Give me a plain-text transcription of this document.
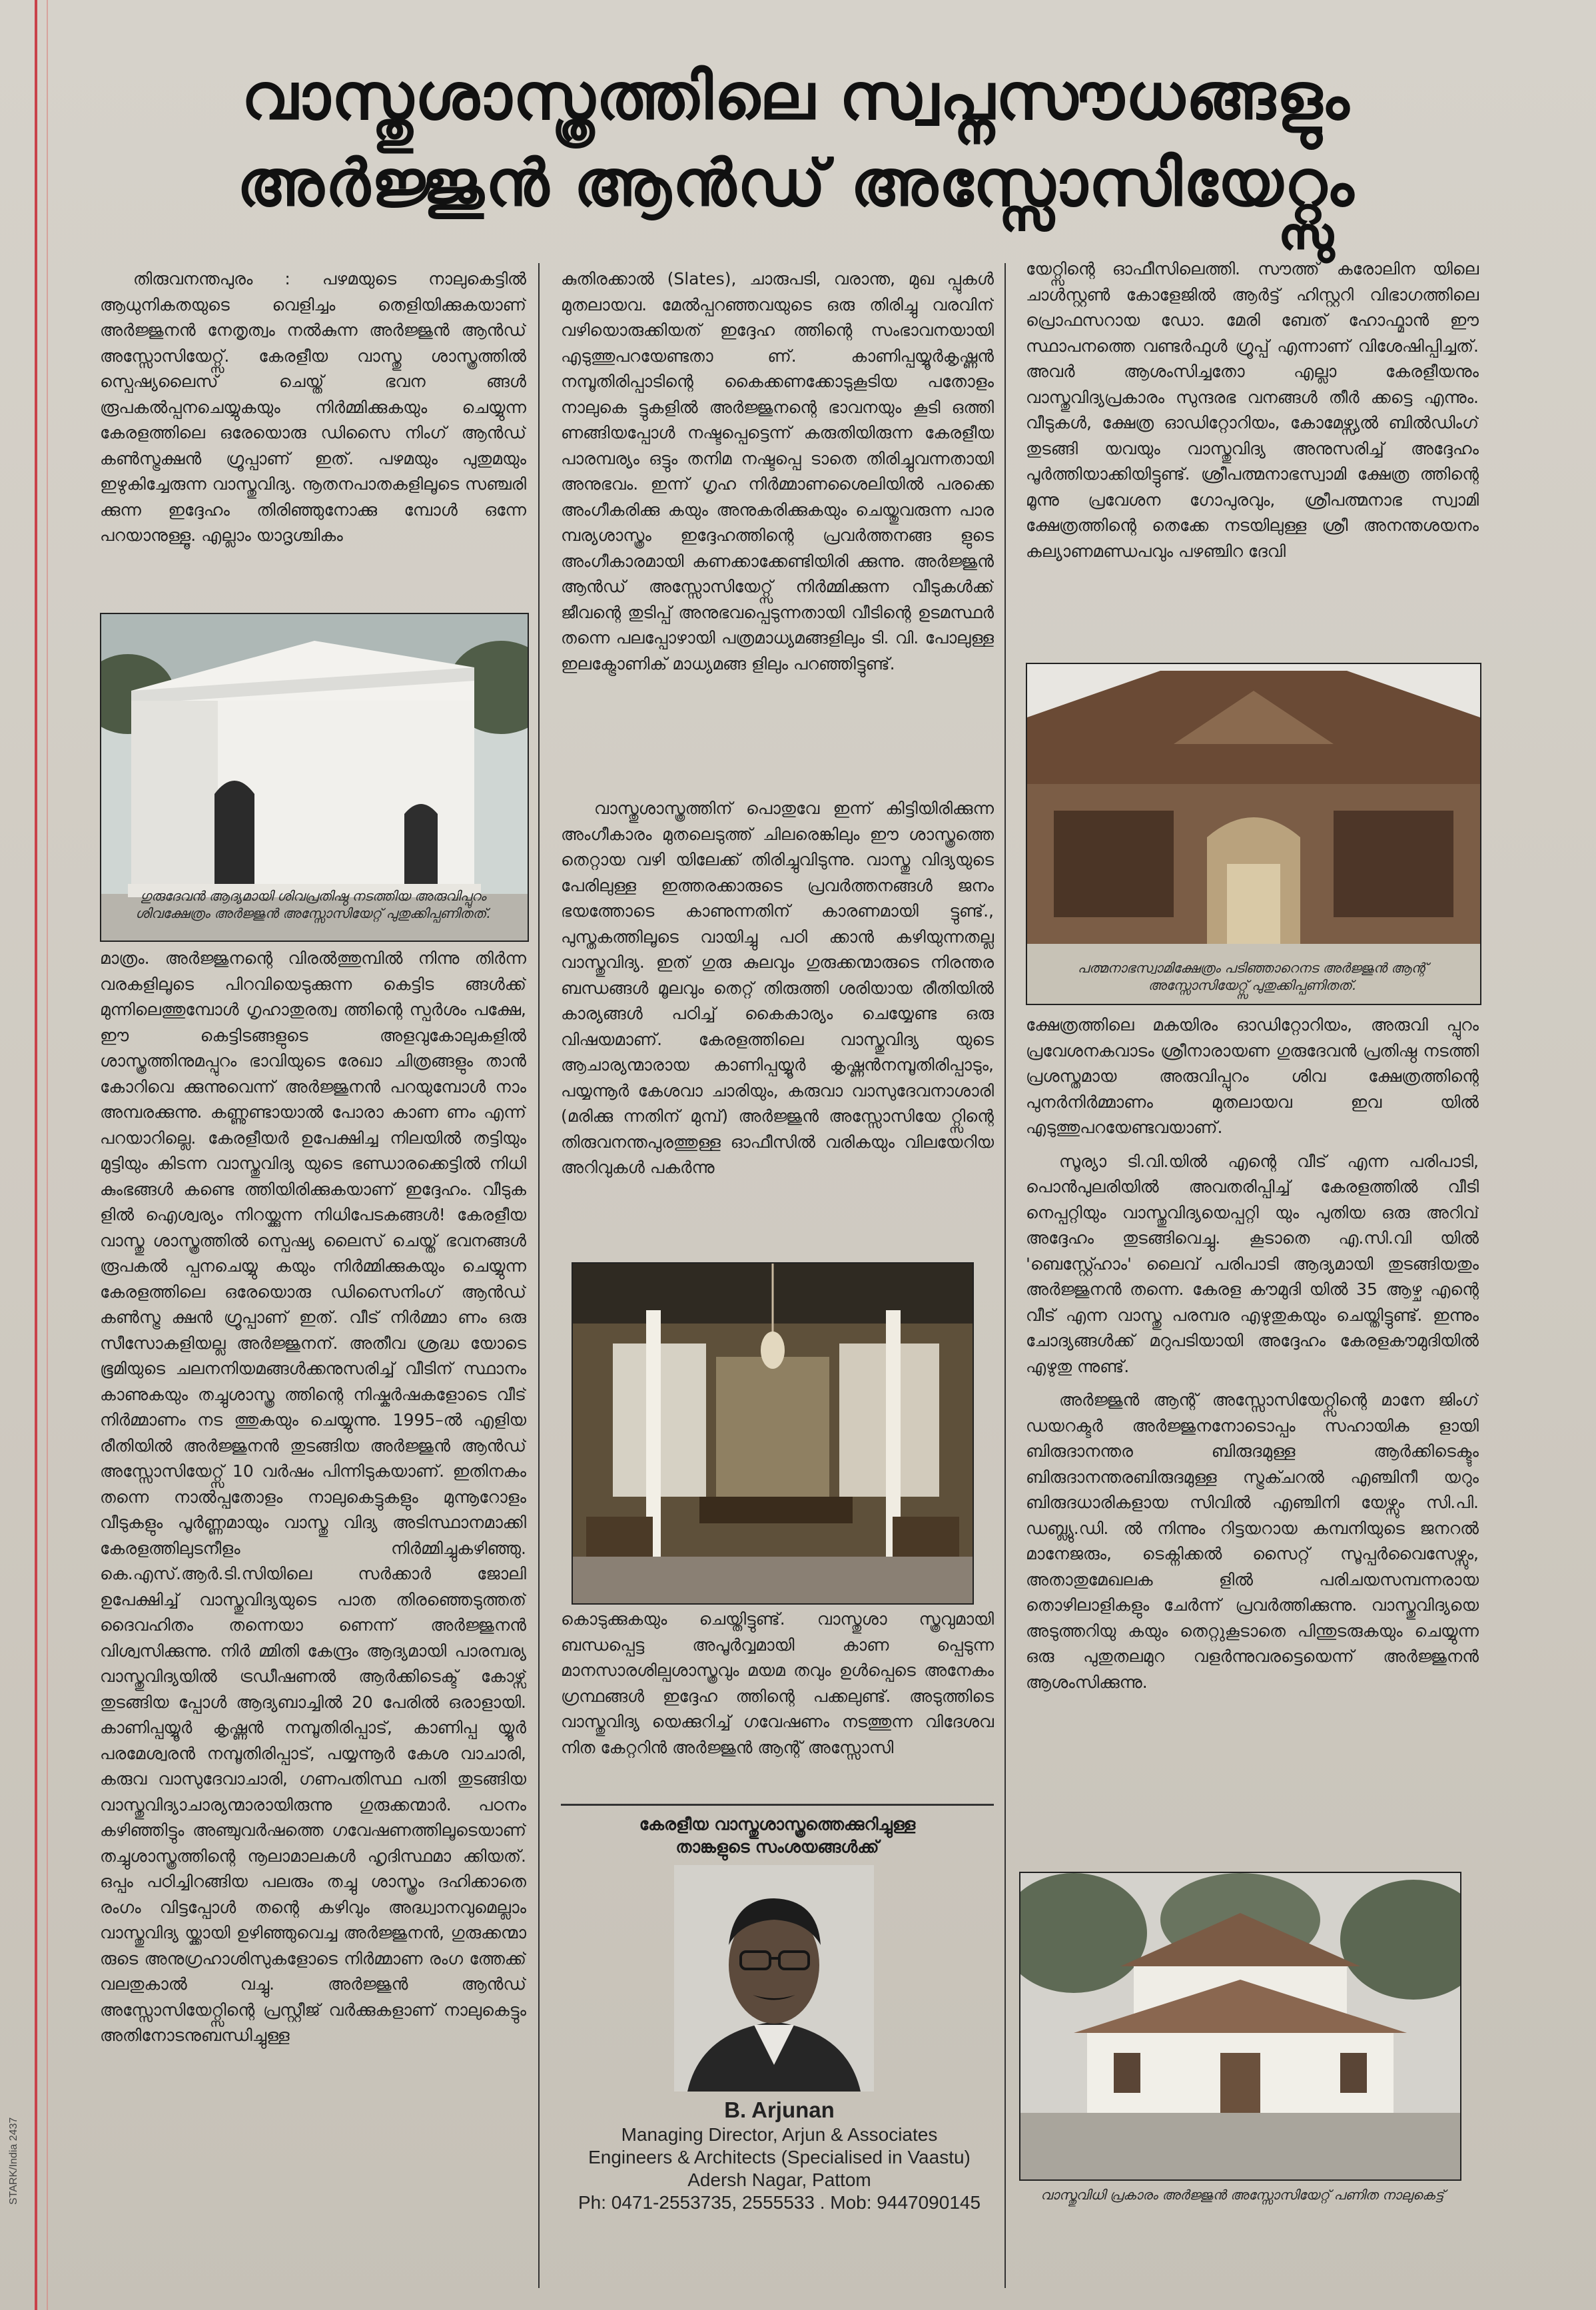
വാസ്തുശാസ്ത്രത്തിലെ സ്വപ്നസൗധങ്ങളും
അർജ്ജുൻ ആൻഡ് അസ്സോസിയേറ്റ്സും

തിരുവനന്തപുരം : പഴമയുടെ നാലുകെട്ടിൽ ആധുനികതയുടെ വെളിച്ചം തെളിയിക്കുകയാണ് അർജ്ജുനൻ നേതൃത്വം നൽകുന്ന അർജ്ജുൻ ആൻഡ് അസ്സോസിയേറ്റ്സ്. കേരളീയ വാസ്തു ശാസ്ത്രത്തിൽ സ്പെഷ്യലൈസ് ചെയ്ത് ഭവന ങ്ങൾ രൂപകൽപ്പനചെയ്യുകയും നിർമ്മിക്കുകയും ചെയ്യുന്ന കേരളത്തിലെ ഒരേയൊരു ഡിസൈ നിംഗ് ആൻഡ് കൺസ്ട്രക്ഷൻ ഗ്രൂപ്പാണ് ഇത്. പഴമയും പുതുമയും ഇഴുകിച്ചേരുന്ന വാസ്തുവിദ്യ. നൂതനപാതകളിലൂടെ സഞ്ചരി ക്കുന്ന ഇദ്ദേഹം തിരിഞ്ഞുനോക്കു മ്പോൾ ഒന്നേ പറയാനുള്ളൂ. എല്ലാം യാദൃശ്ചികം

ഗുരുദേവൻ ആദ്യമായി ശിവപ്രതിഷ്ഠ നടത്തിയ അരുവിപ്പുറം ശിവക്ഷേത്രം അർജ്ജുൻ അസ്സോസിയേറ്റ് പുതുക്കിപ്പണിതത്.

മാത്രം. അർജ്ജുനന്റെ വിരൽത്തുമ്പിൽ നിന്നു തിർന്ന വരകളിലൂടെ പിറവിയെടുക്കുന്ന കെട്ടിട ങ്ങൾക്ക് മുന്നിലെത്തുമ്പോൾ ഗൃഹാതുരത്വ ത്തിന്റെ സ്പർശം പക്ഷേ, ഈ കെട്ടിടങ്ങളുടെ അളവുകോലുകളിൽ ശാസ്ത്രത്തിനുമപ്പുറം ഭാവിയുടെ രേഖാ ചിത്രങ്ങളും താൻ കോറിവെ ക്കുന്നുവെന്ന് അർജ്ജുനൻ പറയുമ്പോൾ നാം അമ്പരക്കുന്നു. കണ്ണുണ്ടായാൽ പോരാ കാണ ണം എന്ന് പറയാറില്ലെ. കേരളീയർ ഉപേക്ഷിച്ച നിലയിൽ തട്ടിയും മുട്ടിയും കിടന്ന വാസ്തുവിദ്യ യുടെ ഭണ്ഡാരക്കെട്ടിൽ നിധി കുംഭങ്ങൾ കണ്ടെ ത്തിയിരിക്കുകയാണ് ഇദ്ദേഹം. വീടുക ളിൽ ഐശ്വര്യം നിറയ്ക്കുന്ന നിധിപേടകങ്ങൾ! കേരളീയ വാസ്തു ശാസ്ത്രത്തിൽ സ്പെഷ്യ ലൈസ് ചെയ്ത് ഭവനങ്ങൾ രൂപകൽ പ്പനചെയ്യു കയും നിർമ്മിക്കുകയും ചെയ്യുന്ന കേരളത്തിലെ ഒരേയൊരു ഡിസൈനിംഗ് ആൻഡ് കൺസ്ട്ര ക്ഷൻ ഗ്രൂപ്പാണ് ഇത്. വീട് നിർമ്മാ ണം ഒരു സീസോകളിയല്ല അർജ്ജുനന്. അതീവ ശ്രദ്ധ യോടെ ഭൂമിയുടെ ചലനനിയമങ്ങൾക്കനുസരിച്ച് വീടിന് സ്ഥാനം കാണുകയും തച്ചുശാസ്ത്ര ത്തിന്റെ നിഷ്കർഷകളോടെ വീട് നിർമ്മാണം നട ത്തുകയും ചെയ്യുന്നു. 1995–ൽ എളിയ രീതിയിൽ അർജ്ജുനൻ തുടങ്ങിയ അർജ്ജുൻ ആൻഡ് അസ്സോസിയേറ്റ്സ് 10 വർഷം പിന്നിടുകയാണ്. ഇതിനകം തന്നെ നാൽപ്പതോളം നാലുകെട്ടുകളും മുന്നൂറോളം വീടുകളും പൂർണ്ണമായും വാസ്തു വിദ്യ അടിസ്ഥാനമാക്കി കേരളത്തിലുടനീളം നിർമ്മിച്ചുകഴിഞ്ഞു. കെ.എസ്.ആർ.ടി.സിയിലെ സർക്കാർ ജോലി ഉപേക്ഷിച്ച് വാസ്തുവിദ്യയുടെ പാത തിരഞ്ഞെടുത്തത് ദൈവഹിതം തന്നെയാ ണെന്ന് അർജ്ജുനൻ വിശ്വസിക്കുന്നു. നിർ മ്മിതി കേന്ദ്രം ആദ്യമായി പാരമ്പര്യ വാസ്തുവിദ്യയിൽ ട്രഡീഷണൽ ആർക്കിടെക്ട് കോഴ്സ് തുടങ്ങിയ പ്പോൾ ആദ്യബാച്ചിൽ 20 പേരിൽ ഒരാളായി. കാണിപ്പയ്യൂർ കൃഷ്ണൻ നമ്പൂതിരിപ്പാട്, കാണിപ്പ യ്യൂർ പരമേശ്വരൻ നമ്പൂതിരിപ്പാട്, പയ്യന്നൂർ കേശ വാചാരി, കരുവ വാസുദേവാചാരി, ഗണപതിസ്ഥ പതി തുടങ്ങിയ വാസ്തുവിദ്യാചാര്യന്മാരായിരുന്നു ഗുരുക്കന്മാർ. പഠനം കഴിഞ്ഞിട്ടും അഞ്ചുവർഷത്തെ ഗവേഷണത്തിലൂടെയാണ് തച്ചുശാസ്ത്രത്തിന്റെ നൂലാമാലകൾ ഹൃദിസ്ഥമാ ക്കിയത്. ഒപ്പം പഠിച്ചിറങ്ങിയ പലരും തച്ചു ശാസ്ത്രം ദഹിക്കാതെ രംഗം വിട്ടപ്പോൾ തന്റെ കഴിവും അദ്ധ്വാനവുമെല്ലാം വാസ്തുവിദ്യ യ്ക്കായി ഉഴിഞ്ഞുവെച്ച അർജ്ജുനൻ, ഗുരുക്കന്മാ രുടെ അനുഗ്രഹാശിസുകളോടെ നിർമ്മാണ രംഗ ത്തേക്ക് വലതുകാൽ വച്ചു. അർജ്ജുൻ ആൻഡ് അസ്സോസിയേറ്റ്സിന്റെ പ്രസ്റ്റീജ് വർക്കുകളാണ് നാലുകെട്ടും അതിനോടനുബന്ധിച്ചുള്ള

കുതിരക്കാൽ (Slates), ചാരുപടി, വരാന്ത, മുഖ പ്പുകൾ മുതലായവ. മേൽപ്പറഞ്ഞവയുടെ ഒരു തിരിച്ചു വരവിന് വഴിയൊരുക്കിയത് ഇദ്ദേഹ ത്തിന്റെ സംഭാവനയായി എടുത്തുപറയേണ്ടതാ ണ്. കാണിപ്പയ്യൂർകൃഷ്ണൻ നമ്പൂതിരിപ്പാടിന്റെ കൈക്കണക്കോടുകൂടിയ പതോളം നാലുകെ ട്ടുകളിൽ അർജ്ജുനന്റെ ഭാവനയും കൂടി ഒത്തി ണങ്ങിയപ്പോൾ നഷ്ടപ്പെട്ടെന്ന് കരുതിയിരുന്ന കേരളീയ പാരമ്പര്യം ഒട്ടും തനിമ നഷ്ടപ്പെ ടാതെ തിരിച്ചുവന്നതായി അനുഭവം. ഇന്ന് ഗൃഹ നിർമ്മാണശൈലിയിൽ പരക്കെ അംഗീകരിക്കു കയും അനുകരിക്കുകയും ചെയ്തുവരുന്ന പാര മ്പര്യശാസ്ത്രം ഇദ്ദേഹത്തിന്റെ പ്രവർത്തനങ്ങ ളുടെ അംഗീകാരമായി കണക്കാക്കേണ്ടിയിരി ക്കുന്നു. അർജ്ജുൻ ആൻഡ് അസ്സോസിയേറ്റ്സ് നിർമ്മിക്കുന്ന വീടുകൾക്ക് ജീവന്റെ തുടിപ്പ് അനുഭവപ്പെടുന്നതായി വീടിന്റെ ഉടമസ്ഥർ തന്നെ പലപ്പോഴായി പത്രമാധ്യമങ്ങളിലും ടി. വി. പോലുള്ള ഇലക്ട്രോണിക് മാധ്യമങ്ങ ളിലും പറഞ്ഞിട്ടുണ്ട്.

വാസ്തുശാസ്ത്രത്തിന് പൊതുവേ ഇന്ന് കിട്ടിയിരിക്കുന്ന അംഗീകാരം മുതലെടുത്ത് ചിലരെങ്കിലും ഈ ശാസ്ത്രത്തെ തെറ്റായ വഴി യിലേക്ക് തിരിച്ചുവിടുന്നു. വാസ്തു വിദ്യയുടെ പേരിലുള്ള ഇത്തരക്കാരുടെ പ്രവർത്തനങ്ങൾ ജനം ഭയത്തോടെ കാണുന്നതിന് കാരണമായി ട്ടുണ്ട്., പുസ്തകത്തിലൂടെ വായിച്ചു പഠി ക്കാൻ കഴിയുന്നതല്ല വാസ്തുവിദ്യ. ഇത് ഗുരു കുലവും ഗുരുക്കന്മാരുടെ നിരന്തര ബന്ധങ്ങൾ മൂലവും തെറ്റ് തിരുത്തി ശരിയായ രീതിയിൽ കാര്യങ്ങൾ പഠിച്ച് കൈകാര്യം ചെയ്യേണ്ട ഒരു വിഷയമാണ്. കേരളത്തിലെ വാസ്തുവിദ്യ യുടെ ആചാര്യന്മാരായ കാണിപ്പയ്യൂർ കൃഷ്ണൻനമ്പൂതിരിപ്പാടും, പയ്യന്നൂർ കേശവാ ചാരിയും, കരുവാ വാസുദേവനാശാരി (മരിക്കു ന്നതിന് മുമ്പ്) അർജ്ജുൻ അസ്സോസിയേ റ്റ്സിന്റെ തിരുവനന്തപുരത്തുള്ള ഓഫീസിൽ വരികയും വിലയേറിയ അറിവുകൾ പകർന്നു

കൊടുക്കുകയും ചെയ്തിട്ടുണ്ട്. വാസ്തുശാ സ്ത്രവുമായി ബന്ധപ്പെട്ട അപൂർവ്വമായി കാണ പ്പെടുന്ന മാനസാരശില്പശാസ്ത്രവും മയമ തവും ഉൾപ്പെടെ അനേകം ഗ്രന്ഥങ്ങൾ ഇദ്ദേഹ ത്തിന്റെ പക്കലുണ്ട്. അടുത്തിടെ വാസ്തുവിദ്യ യെക്കുറിച്ച് ഗവേഷണം നടത്തുന്ന വിദേശവ നിത കേറ്ററിൻ അർജ്ജുൻ ആന്റ് അസ്സോസി

കേരളീയ വാസ്തുശാസ്ത്രത്തെക്കുറിച്ചുള്ള
താങ്കളുടെ സംശയങ്ങൾക്ക്
B. Arjunan
Managing Director, Arjun & Associates
Engineers & Architects (Specialised in Vaastu)
Adersh Nagar, Pattom
Ph: 0471-2553735, 2555533 . Mob: 9447090145

യേറ്റ്സിന്റെ ഓഫീസിലെത്തി. സൗത്ത് കരോലിന യിലെ ചാൾസ്റ്റൺ കോളേജിൽ ആർട്ട് ഹിസ്റ്ററി വിഭാഗത്തിലെ പ്രൊഫസറായ ഡോ. മേരി ബേത് ഹോഫ്മാൻ ഈ സ്ഥാപനത്തെ വണ്ടർഫുൾ ഗ്രൂപ്പ് എന്നാണ് വിശേഷിപ്പിച്ചത്. അവർ ആശംസിച്ചതോ എല്ലാ കേരളീയനും വാസ്തുവിദ്യപ്രകാരം സുന്ദരഭ വനങ്ങൾ തീർ ക്കട്ടെ എന്നും. വീടുകൾ, ക്ഷേത്ര ഓഡിറ്റോറിയം, കോമേഴ്സ്യൽ ബിൽഡിംഗ് തുടങ്ങി യവയും വാസ്തുവിദ്യ അനുസരിച്ച് അദ്ദേഹം പൂർത്തിയാക്കിയിട്ടുണ്ട്. ശ്രീപത്മനാഭസ്വാമി ക്ഷേത്ര ത്തിന്റെ മൂന്നു പ്രവേശന ഗോപുരവും, ശ്രീപത്മനാഭ സ്വാമി ക്ഷേത്രത്തിന്റെ തെക്കേ നടയിലുള്ള ശ്രീ അനന്തശയനം കല്യാണമണ്ഡപവും പഴഞ്ചിറ ദേവി

പത്മനാഭസ്വാമിക്ഷേത്രം പടിഞ്ഞാറെനട അർജ്ജുൻ ആന്റ് അസ്സോസിയേറ്റ്സ് പുതുക്കിപ്പണിതത്.

ക്ഷേത്രത്തിലെ മകയിരം ഓഡിറ്റോറിയം, അരുവി പ്പുറം പ്രവേശനകവാടം ശ്രീനാരായണ ഗുരുദേവൻ പ്രതിഷ്ഠ നടത്തി പ്രശസ്തമായ അരുവിപ്പുറം ശിവ ക്ഷേത്രത്തിന്റെ പുനർനിർമ്മാണം മുതലായവ ഇവ യിൽ എടുത്തുപറയേണ്ടവയാണ്.

സൂര്യാ ടി.വി.യിൽ എന്റെ വീട് എന്ന പരിപാടി, പൊൻപുലരിയിൽ അവതരിപ്പിച്ച് കേരളത്തിൽ വീടി നെപ്പറ്റിയും വാസ്തുവിദ്യയെപ്പറ്റി യും പുതിയ ഒരു അറിവ് അദ്ദേഹം തുടങ്ങിവെച്ചു. കൂടാതെ എ.സി.വി യിൽ 'ബെസ്റ്റ്ഹോം' ലൈവ് പരിപാടി ആദ്യമായി തുടങ്ങിയതും അർജ്ജുനൻ തന്നെ. കേരള കൗമുദി യിൽ 35 ആഴ്ച എന്റെ വീട് എന്ന വാസ്തു പരമ്പര എഴുതുകയും ചെയ്തിട്ടുണ്ട്. ഇന്നും ചോദ്യങ്ങൾക്ക് മറുപടിയായി അദ്ദേഹം കേരളകൗമുദിയിൽ എഴുതു ന്നുണ്ട്.

അർജ്ജുൻ ആന്റ് അസ്സോസിയേറ്റ്സിന്റെ മാനേ ജിംഗ് ഡയറക്ടർ അർജ്ജുനനോടൊപ്പം സഹായിക ളായി ബിരുദാനന്തര ബിരുദമുള്ള ആർക്കിടെക്ടും ബിരുദാനന്തരബിരുദമുള്ള സ്ട്രക്ചറൽ എഞ്ചിനീ യറും ബിരുദധാരികളായ സിവിൽ എഞ്ചിനി യേഴ്സും സി.പി. ഡബ്ല്യു.ഡി. ൽ നിന്നും റിട്ടയറായ കമ്പനിയുടെ ജനറൽ മാനേജരും, ടെക്നിക്കൽ സൈറ്റ് സൂപ്പർവൈസേഴ്സും, അതാതുമേഖലക ളിൽ പരിചയസമ്പന്നരായ തൊഴിലാളികളും ചേർന്ന് പ്രവർത്തിക്കുന്നു. വാസ്തുവിദ്യയെ അടുത്തറിയു കയും തെറ്റുകൂടാതെ പിന്തുടരുകയും ചെയ്യുന്ന ഒരു പുതുതലമുറ വളർന്നുവരട്ടെയെന്ന് അർജ്ജുനൻ ആശംസിക്കുന്നു.

വാസ്തുവിധി പ്രകാരം അർജ്ജുൻ അസ്സോസിയേറ്റ് പണിത നാലുകെട്ട്
STARK/India 2437
